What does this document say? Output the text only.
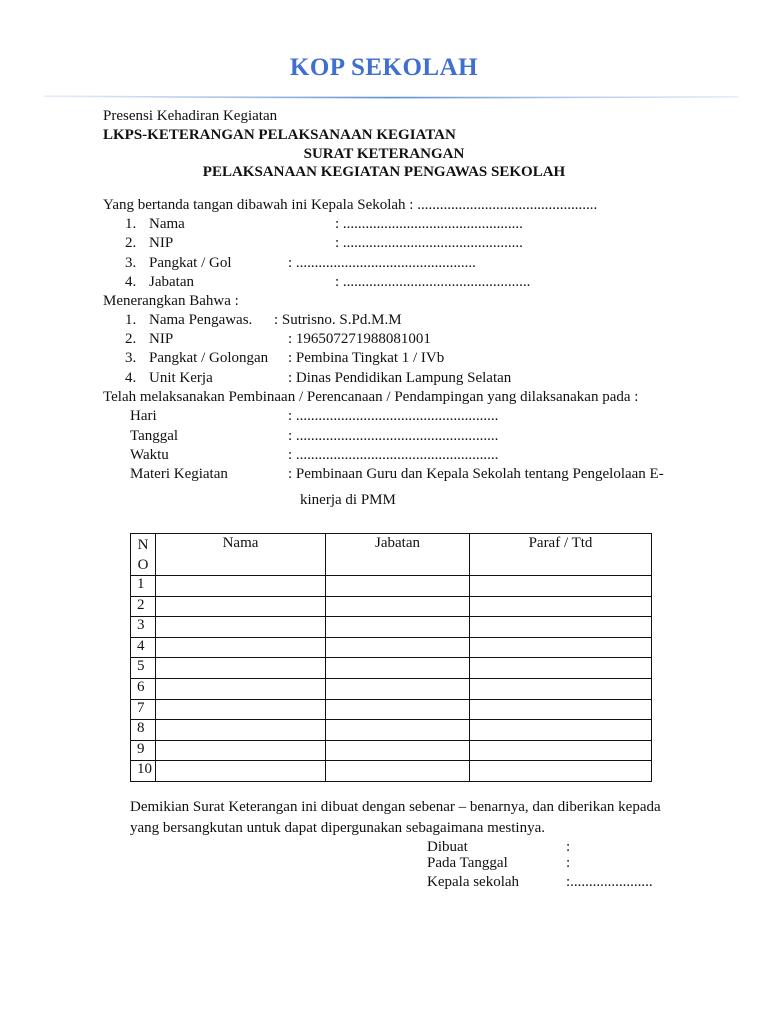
KOP SEKOLAH
Presensi Kehadiran Kegiatan
LKPS-KETERANGAN PELAKSANAAN KEGIATAN
SURAT KETERANGAN
PELAKSANAAN KEGIATAN PENGAWAS SEKOLAH
Yang bertanda tangan dibawah ini Kepala Sekolah : ................................................
1. Nama	: ................................................
2. NIP	: ................................................
3. Pangkat / Gol	: ................................................
4. Jabatan	: ..................................................
Menerangkan Bahwa :
1. Nama Pengawas. : Sutrisno. S.Pd.M.M
2. NIP	: 196507271988081001
3. Pangkat / Golongan : Pembina Tingkat 1 / IVb
4. Unit Kerja	: Dinas Pendidikan Lampung Selatan
Telah melaksanakan Pembinaan / Perencanaan / Pendampingan yang dilaksanakan pada :
Hari	: ......................................................
Tanggal	: ......................................................
Waktu	: ......................................................
Materi Kegiatan	: Pembinaan Guru dan Kepala Sekolah tentang Pengelolaan E-
kinerja di PMM
N
O	Nama	Jabatan	Paraf / Ttd
1			
2			
3			
4			
5			
6			
7			
8			
9			
10			
Demikian Surat Keterangan ini dibuat dengan sebenar – benarnya, dan diberikan kepada
yang bersangkutan untuk dapat dipergunakan sebagaimana mestinya.
Dibuat	:
Pada Tanggal	:
Kepala sekolah	:......................
